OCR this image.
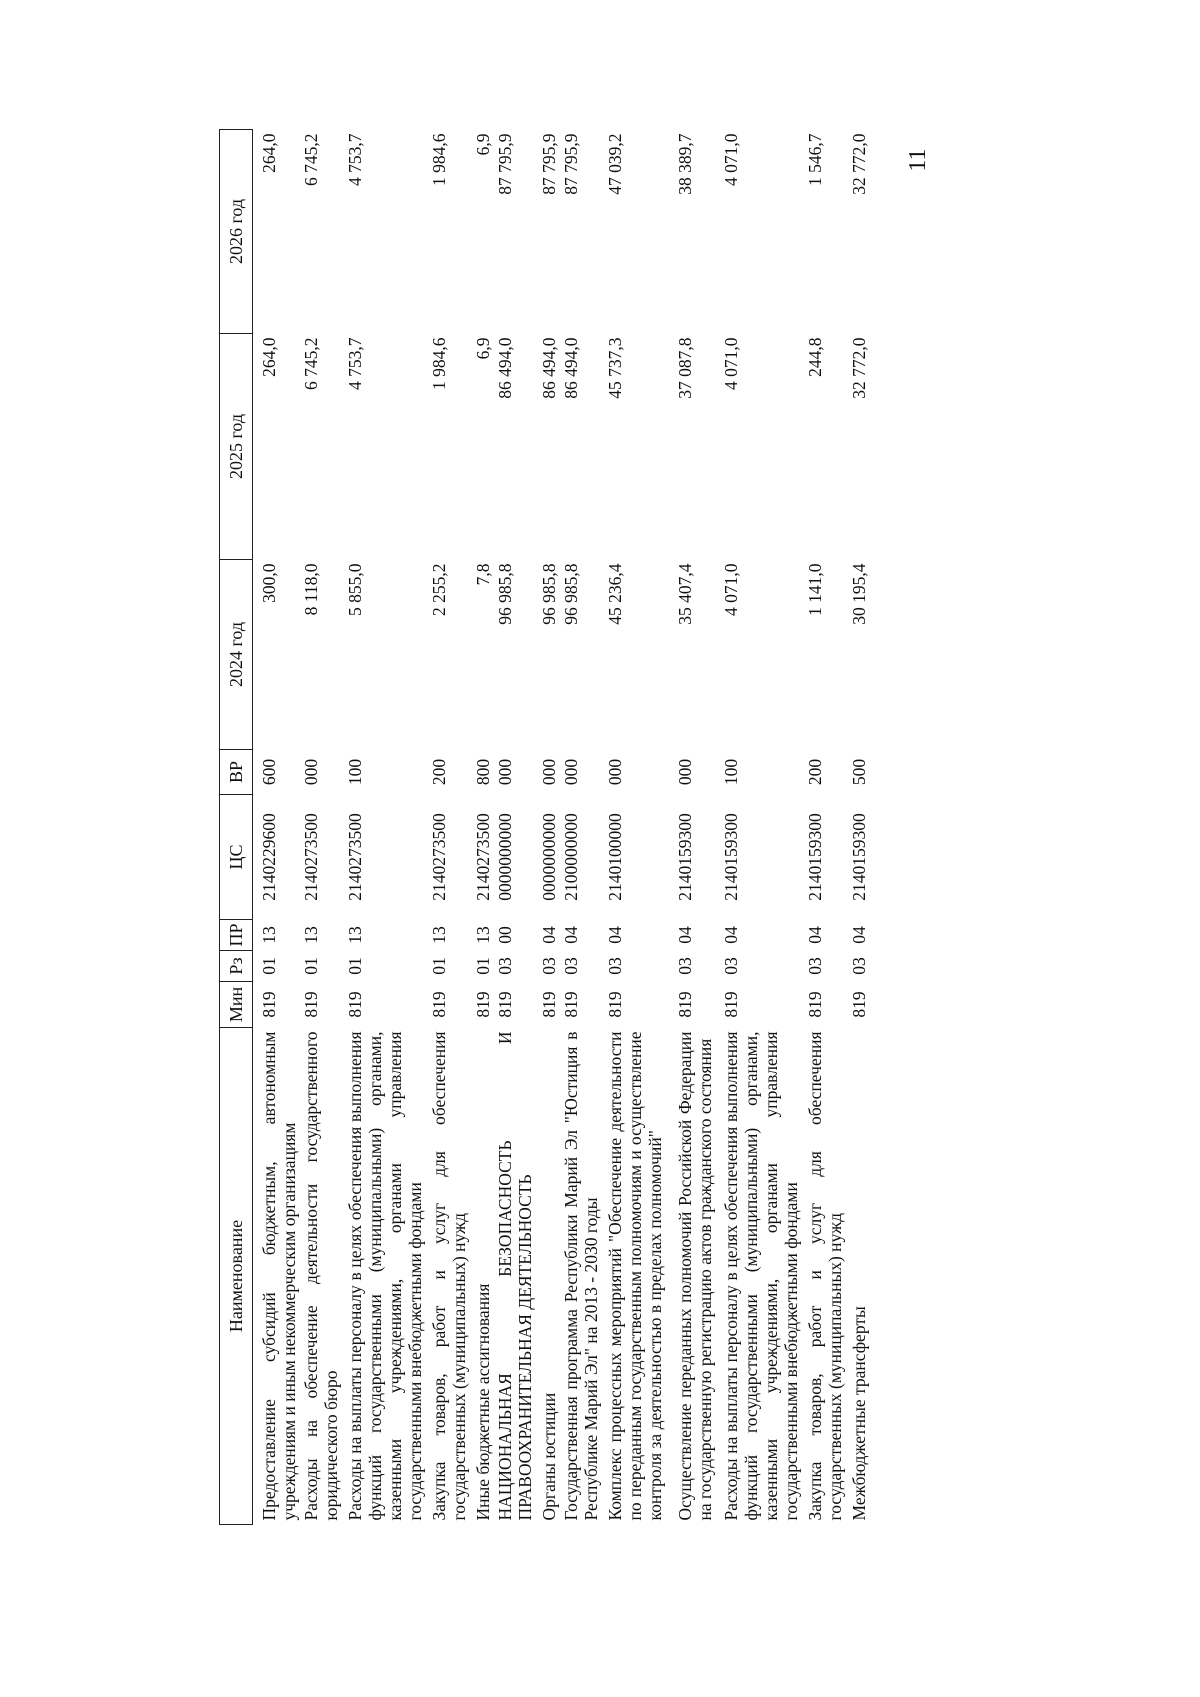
11
Наименование	Мин	Рз	ПР	ЦС	ВР	2024 год	2025 год	2026 год
Предоставление субсидий бюджетным, автономным учреждениям и иным некоммерческим организациям	819	01	13	2140229600	600	300,0	264,0	264,0
Расходы на обеспечение деятельности государственного юридического бюро	819	01	13	2140273500	000	8 118,0	6 745,2	6 745,2
Расходы на выплаты персоналу в целях обеспечения выполнения функций государственными (муниципальными) органами, казенными учреждениями, органами управления государственными внебюджетными фондами	819	01	13	2140273500	100	5 855,0	4 753,7	4 753,7
Закупка товаров, работ и услуг для обеспечения государственных (муниципальных) нужд	819	01	13	2140273500	200	2 255,2	1 984,6	1 984,6
Иные бюджетные ассигнования	819	01	13	2140273500	800	7,8	6,9	6,9
НАЦИОНАЛЬНАЯ БЕЗОПАСНОСТЬ И ПРАВООХРАНИТЕЛЬНАЯ ДЕЯТЕЛЬНОСТЬ	819	03	00	0000000000	000	96 985,8	86 494,0	87 795,9
Органы юстиции	819	03	04	0000000000	000	96 985,8	86 494,0	87 795,9
Государственная программа Республики Марий Эл "Юстиция в Республике Марий Эл" на 2013 - 2030 годы	819	03	04	2100000000	000	96 985,8	86 494,0	87 795,9
Комплекс процессных мероприятий "Обеспечение деятельности по переданным государственным полномочиям и осуществление контроля за деятельностью в пределах полномочий"	819	03	04	2140100000	000	45 236,4	45 737,3	47 039,2
Осуществление переданных полномочий Российской Федерации на государственную регистрацию актов гражданского состояния	819	03	04	2140159300	000	35 407,4	37 087,8	38 389,7
Расходы на выплаты персоналу в целях обеспечения выполнения функций государственными (муниципальными) органами, казенными учреждениями, органами управления государственными внебюджетными фондами	819	03	04	2140159300	100	4 071,0	4 071,0	4 071,0
Закупка товаров, работ и услуг для обеспечения государственных (муниципальных) нужд	819	03	04	2140159300	200	1 141,0	244,8	1 546,7
Межбюджетные трансферты	819	03	04	2140159300	500	30 195,4	32 772,0	32 772,0
